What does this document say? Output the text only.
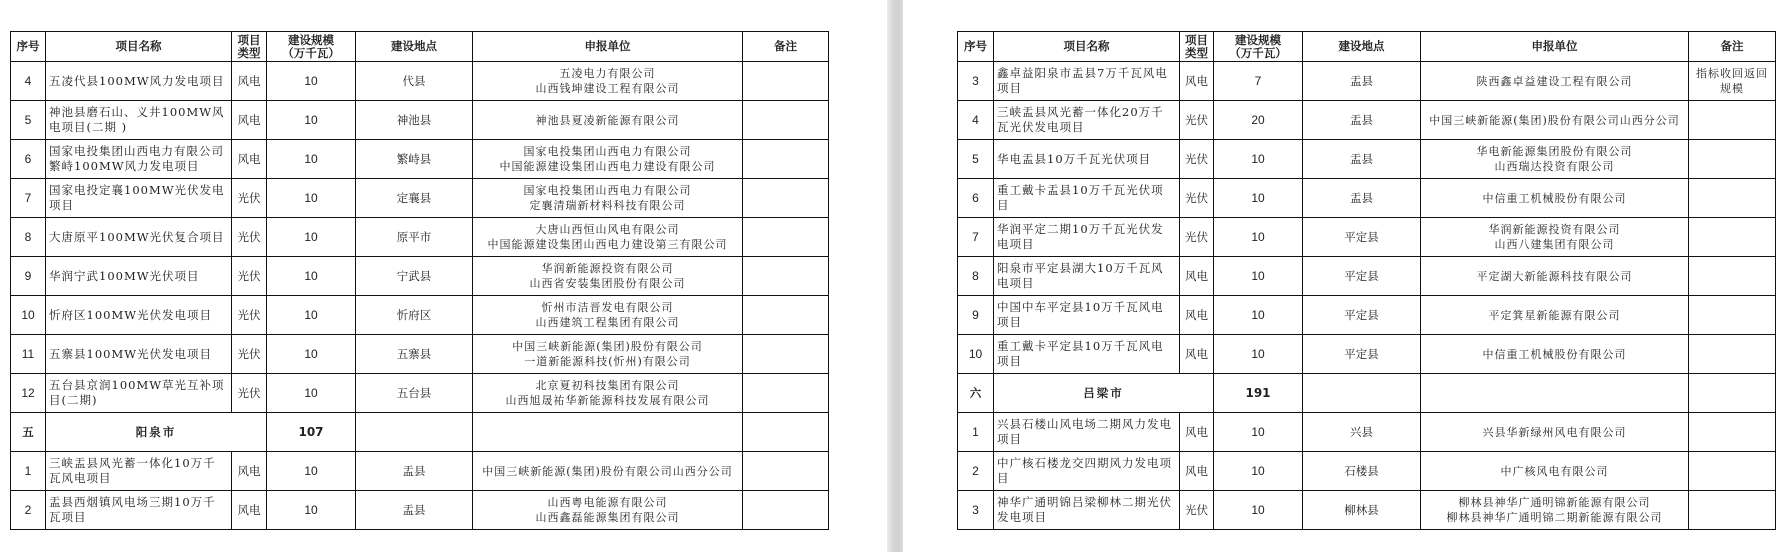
序号	项目名称	项目
类型

建设规模
（万千瓦）	建设地点	申报单位	备注
4	五凌代县100MW风力发电项目	风电	10	代县	五凌电力有限公司
山西钱坤建设工程有限公司	

5	神池县磨石山、义井100MW风电项目(二期 )	风电	10	神池县	神池县夏凌新能源有限公司	

6	国家电投集团山西电力有限公司繁峙100MW风力发电项目	风电	10	繁峙县	国家电投集团山西电力有限公司
中国能源建设集团山西电力建设有限公司	

7	国家电投定襄100MW光伏发电项目	光伏	10	定襄县	国家电投集团山西电力有限公司
定襄清瑞新材料科技有限公司	

8	大唐原平100MW光伏复合项目	光伏	10	原平市	大唐山西恒山风电有限公司
中国能源建设集团山西电力建设第三有限公司	

9	华润宁武100MW光伏项目	光伏	10	宁武县	华润新能源投资有限公司
山西省安装集团股份有限公司	

10	忻府区100MW光伏发电项目	光伏	10	忻府区	忻州市洁晋发电有限公司
山西建筑工程集团有限公司	

11	五寨县100MW光伏发电项目	光伏	10	五寨县	中国三峡新能源(集团)股份有限公司
一道新能源科技(忻州)有限公司	

12	五台县京润100MW草光互补项目(二期)	光伏	10	五台县	北京夏初科技集团有限公司
山西旭晟祐华新能源科技发展有限公司	

五	阳泉市		107			
1	三峡盂县风光蓄一体化10万千瓦风电项目	风电	10	盂县	中国三峡新能源(集团)股份有限公司山西分公司	

2	盂县西烟镇风电场三期10万千瓦项目	风电	10	盂县	山西粤电能源有限公司
山西鑫磊能源集团有限公司	

序号	项目名称	项目
类型

建设规模
（万千瓦）	建设地点	申报单位	备注
3	鑫卓益阳泉市盂县7万千瓦风电项目	风电	7	盂县	陕西鑫卓益建设工程有限公司	指标收回返回规模
4	三峡盂县风光蓄一体化20万千瓦光伏发电项目	光伏	20	盂县	中国三峡新能源(集团)股份有限公司山西分公司	

5	华电盂县10万千瓦光伏项目	光伏	10	盂县	华电新能源集团股份有限公司
山西瑞达投资有限公司	

6	重工戴卡盂县10万千瓦光伏项目	光伏	10	盂县	中信重工机械股份有限公司	

7	华润平定二期10万千瓦光伏发电项目	光伏	10	平定县	华润新能源投资有限公司
山西八建集团有限公司	

8	阳泉市平定县湖大10万千瓦风电项目	风电	10	平定县	平定湖大新能源科技有限公司	

9	中国中车平定县10万千瓦风电项目	风电	10	平定县	平定箕星新能源有限公司	

10	重工戴卡平定县10万千瓦风电项目	风电	10	平定县	中信重工机械股份有限公司	

六	吕梁市		191			
1	兴县石楼山风电场二期风力发电项目	风电	10	兴县	兴县华新绿州风电有限公司	

2	中广核石楼龙交四期风力发电项目	风电	10	石楼县	中广核风电有限公司	

3	神华广通明锦吕梁柳林二期光伏发电项目	光伏	10	柳林县	柳林县神华广通明锦新能源有限公司
柳林县神华广通明锦二期新能源有限公司	
